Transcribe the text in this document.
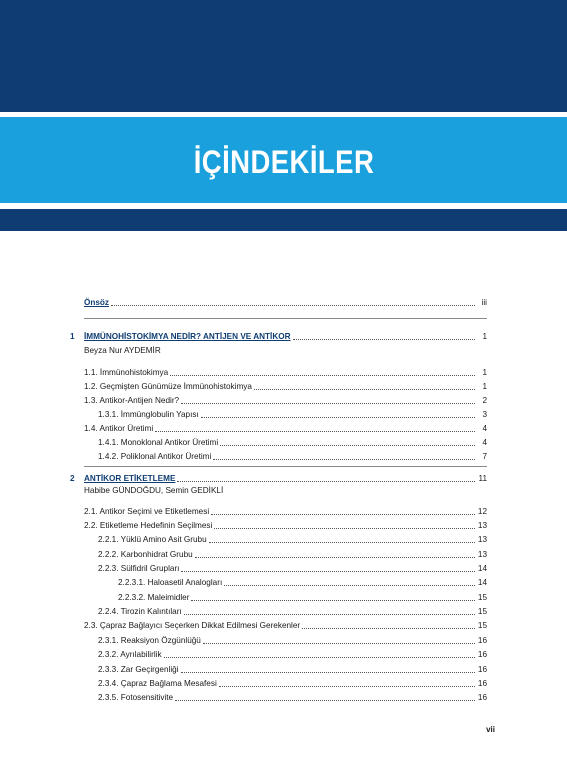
İÇİNDEKİLER
Önsöz	iii
1 İMMÜNOHİSTOKİMYA NEDİR? ANTİJEN VE ANTİKOR	1
Beyza Nur AYDEMİR
1.1. İmmünohistokimya	1
1.2. Geçmişten Günümüze İmmünohistokimya	1
1.3. Antikor-Antijen Nedir?	2
1.3.1. İmmünglobulin Yapısı	3
1.4. Antikor Üretimi	4
1.4.1. Monoklonal Antikor Üretimi	4
1.4.2. Poliklonal Antikor Üretimi	7
2 ANTİKOR ETİKETLEME	11
Habibe GÜNDOĞDU, Semin GEDİKLİ
2.1. Antikor Seçimi ve Etiketlemesi	12
2.2. Etiketleme Hedefinin Seçilmesi	13
2.2.1. Yüklü Amino Asit Grubu	13
2.2.2. Karbonhidrat Grubu	13
2.2.3. Sülfidril Grupları	14
2.2.3.1. Haloasetil Analogları	14
2.2.3.2. Maleimidler	15
2.2.4. Tirozin Kalıntıları	15
2.3. Çapraz Bağlayıcı Seçerken Dikkat Edilmesi Gerekenler	15
2.3.1. Reaksiyon Özgünlüğü	16
2.3.2. Ayrılabilirlik	16
2.3.3. Zar Geçirgenliği	16
2.3.4. Çapraz Bağlama Mesafesi	16
2.3.5. Fotosensitivite	16
vii
